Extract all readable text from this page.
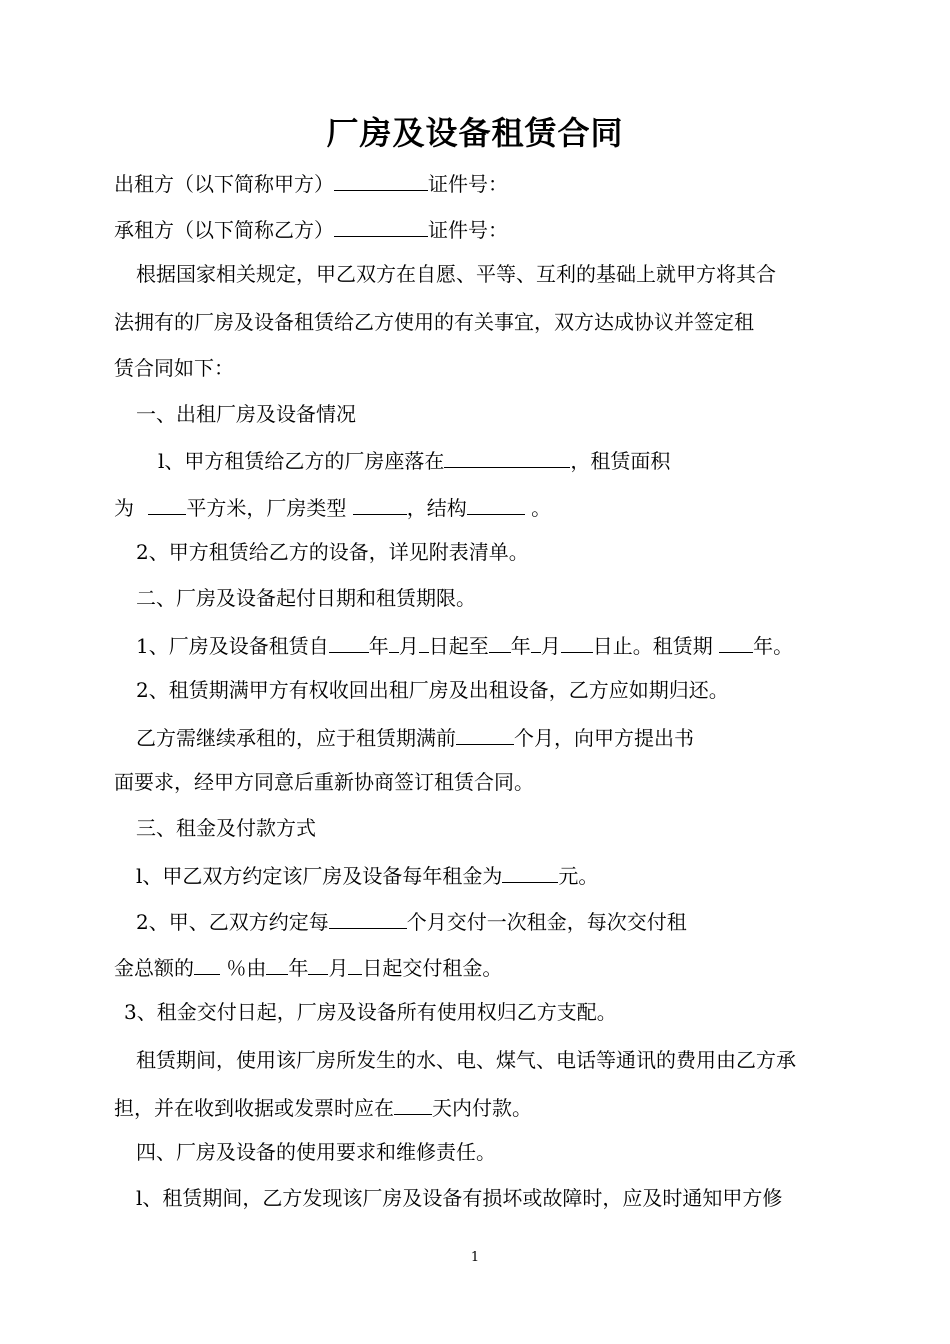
厂房及设备租赁合同
出租方（以下简称甲方）	证件号：
承租方（以下简称乙方）	证件号：
根据国家相关规定，甲乙双方在自愿、平等、互利的基础上就甲方将其合
法拥有的厂房及设备租赁给乙方使用的有关事宜，双方达成协议并签定租
赁合同如下：
一、出租厂房及设备情况
l、甲方租赁给乙方的厂房座落在	，租赁面积
为 平方米，厂房类型	，结构	。
2、甲方租赁给乙方的设备，详见附表清单。
二、厂房及设备起付日期和租赁期限。
1、厂房及设备租赁自 年 月 日起至 年 月 日止。租赁期 年。
2、租赁期满甲方有权收回出租厂房及出租设备，乙方应如期归还。
乙方需继续承租的，应于租赁期满前	个月，向甲方提出书
面要求，经甲方同意后重新协商签订租赁合同。
三、租金及付款方式
l、甲乙双方约定该厂房及设备每年租金为	元。
2、甲、乙双方约定每	个月交付一次租金，每次交付租
金总额的 ％由 年 月 日起交付租金。
3、租金交付日起，厂房及设备所有使用权归乙方支配。
租赁期间，使用该厂房所发生的水、电、煤气、电话等通讯的费用由乙方承
担，并在收到收据或发票时应在 天内付款。
四、厂房及设备的使用要求和维修责任。
l、租赁期间，乙方发现该厂房及设备有损坏或故障时，应及时通知甲方修
1
